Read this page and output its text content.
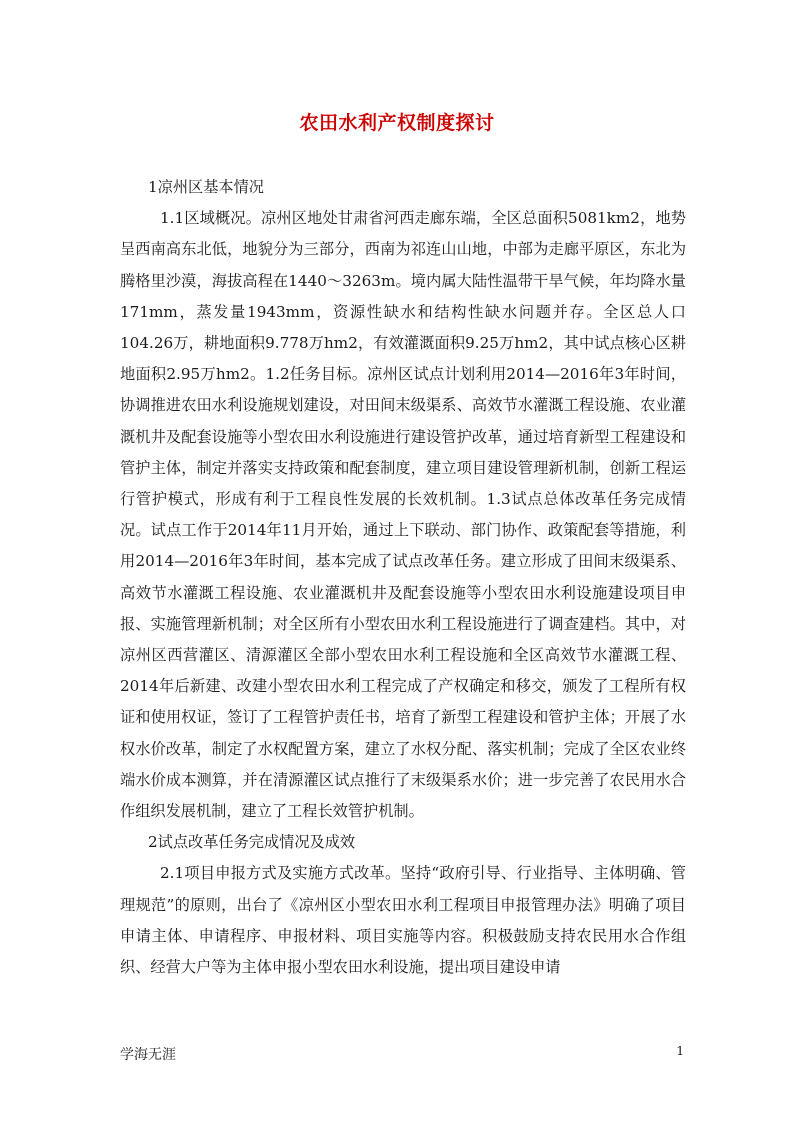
农田水利产权制度探讨

1凉州区基本情况

1.1区域概况。凉州区地处甘肃省河西走廊东端，全区总面积5081km2，地势呈西南高东北低，地貌分为三部分，西南为祁连山山地，中部为走廊平原区，东北为腾格里沙漠，海拔高程在1440～3263m。境内属大陆性温带干旱气候，年均降水量171mm，蒸发量1943mm，资源性缺水和结构性缺水问题并存。全区总人口104.26万，耕地面积9.778万hm2，有效灌溉面积9.25万hm2，其中试点核心区耕地面积2.95万hm2。1.2任务目标。凉州区试点计划利用2014—2016年3年时间，协调推进农田水利设施规划建设，对田间末级渠系、高效节水灌溉工程设施、农业灌溉机井及配套设施等小型农田水利设施进行建设管护改革，通过培育新型工程建设和管护主体，制定并落实支持政策和配套制度，建立项目建设管理新机制，创新工程运行管护模式，形成有利于工程良性发展的长效机制。1.3试点总体改革任务完成情况。试点工作于2014年11月开始，通过上下联动、部门协作、政策配套等措施，利用2014—2016年3年时间，基本完成了试点改革任务。建立形成了田间末级渠系、高效节水灌溉工程设施、农业灌溉机井及配套设施等小型农田水利设施建设项目申报、实施管理新机制；对全区所有小型农田水利工程设施进行了调查建档。其中，对凉州区西营灌区、清源灌区全部小型农田水利工程设施和全区高效节水灌溉工程、2014年后新建、改建小型农田水利工程完成了产权确定和移交，颁发了工程所有权证和使用权证，签订了工程管护责任书，培育了新型工程建设和管护主体；开展了水权水价改革，制定了水权配置方案，建立了水权分配、落实机制；完成了全区农业终端水价成本测算，并在清源灌区试点推行了末级渠系水价；进一步完善了农民用水合作组织发展机制，建立了工程长效管护机制。

2试点改革任务完成情况及成效

2.1项目申报方式及实施方式改革。坚持“政府引导、行业指导、主体明确、管理规范”的原则，出台了《凉州区小型农田水利工程项目申报管理办法》明确了项目申请主体、申请程序、申报材料、项目实施等内容。积极鼓励支持农民用水合作组织、经营大户等为主体申报小型农田水利设施，提出项目建设申请

学海无涯	1
